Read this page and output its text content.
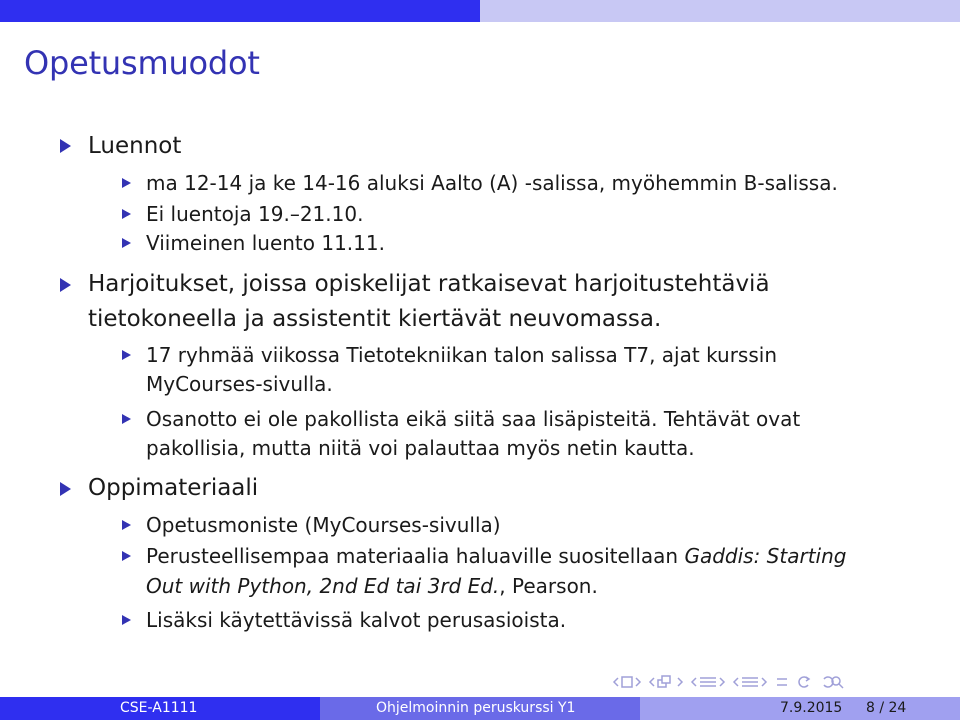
Opetusmuodot

Luennot

ma 12-14 ja ke 14-16 aluksi Aalto (A) -salissa, myöhemmin B-salissa.

Ei luentoja 19.–21.10.

Viimeinen luento 11.11.

Harjoitukset, joissa opiskelijat ratkaisevat harjoitustehtäviä

tietokoneella ja assistentit kiertävät neuvomassa.

17 ryhmää viikossa Tietotekniikan talon salissa T7, ajat kurssin

MyCourses-sivulla.

Osanotto ei ole pakollista eikä siitä saa lisäpisteitä. Tehtävät ovat

pakollisia, mutta niitä voi palauttaa myös netin kautta.

Oppimateriaali

Opetusmoniste (MyCourses-sivulla)

Perusteellisempaa materiaalia haluaville suositellaan Gaddis: Starting

Out with Python, 2nd Ed tai 3rd Ed., Pearson.

Lisäksi käytettävissä kalvot perusasioista.

CSE-A1111	Ohjelmoinnin peruskurssi Y1	7.9.2015	8 / 24
